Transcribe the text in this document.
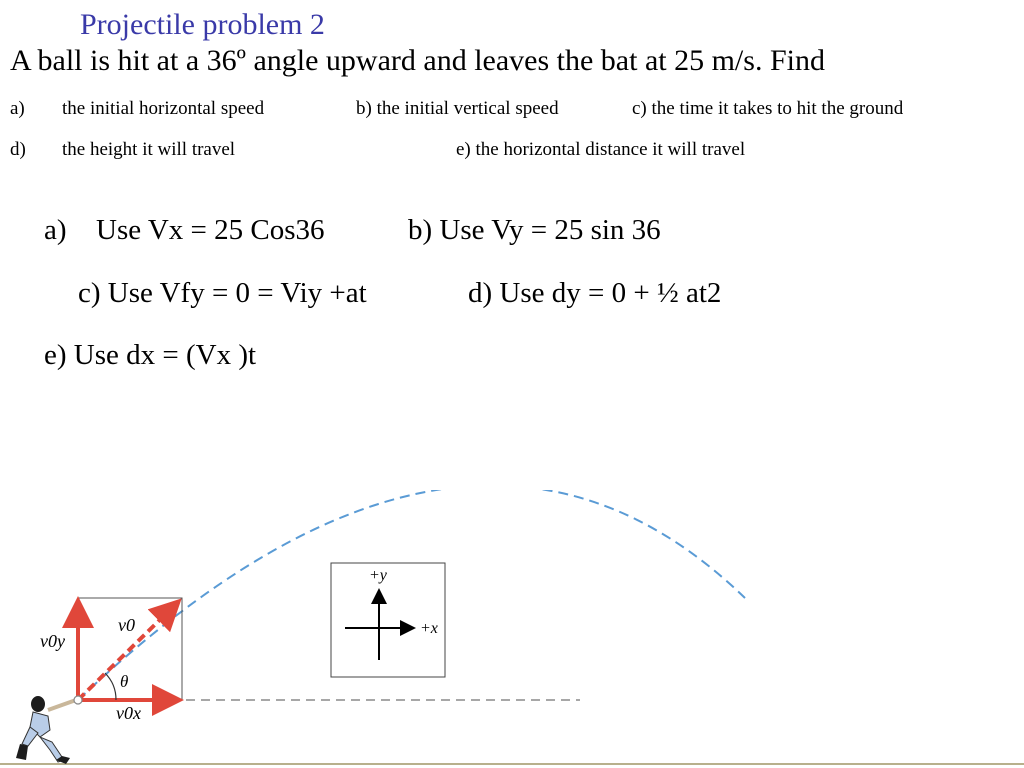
Projectile problem 2
A ball is hit at a 36º angle upward and leaves the bat at 25 m/s. Find
a) the initial horizontal speed	b) the initial vertical speed	c) the time it takes to hit the ground
d) the height it will travel	e) the horizontal distance it will travel
a) Use Vx = 25 Cos36	b) Use Vy = 25 sin 36
c) Use Vfy = 0 = Viy +at	d) Use dy = 0 + ½ at2
e) Use dx = (Vx )t
v0
v0y
v0x
θ
+y
+x
